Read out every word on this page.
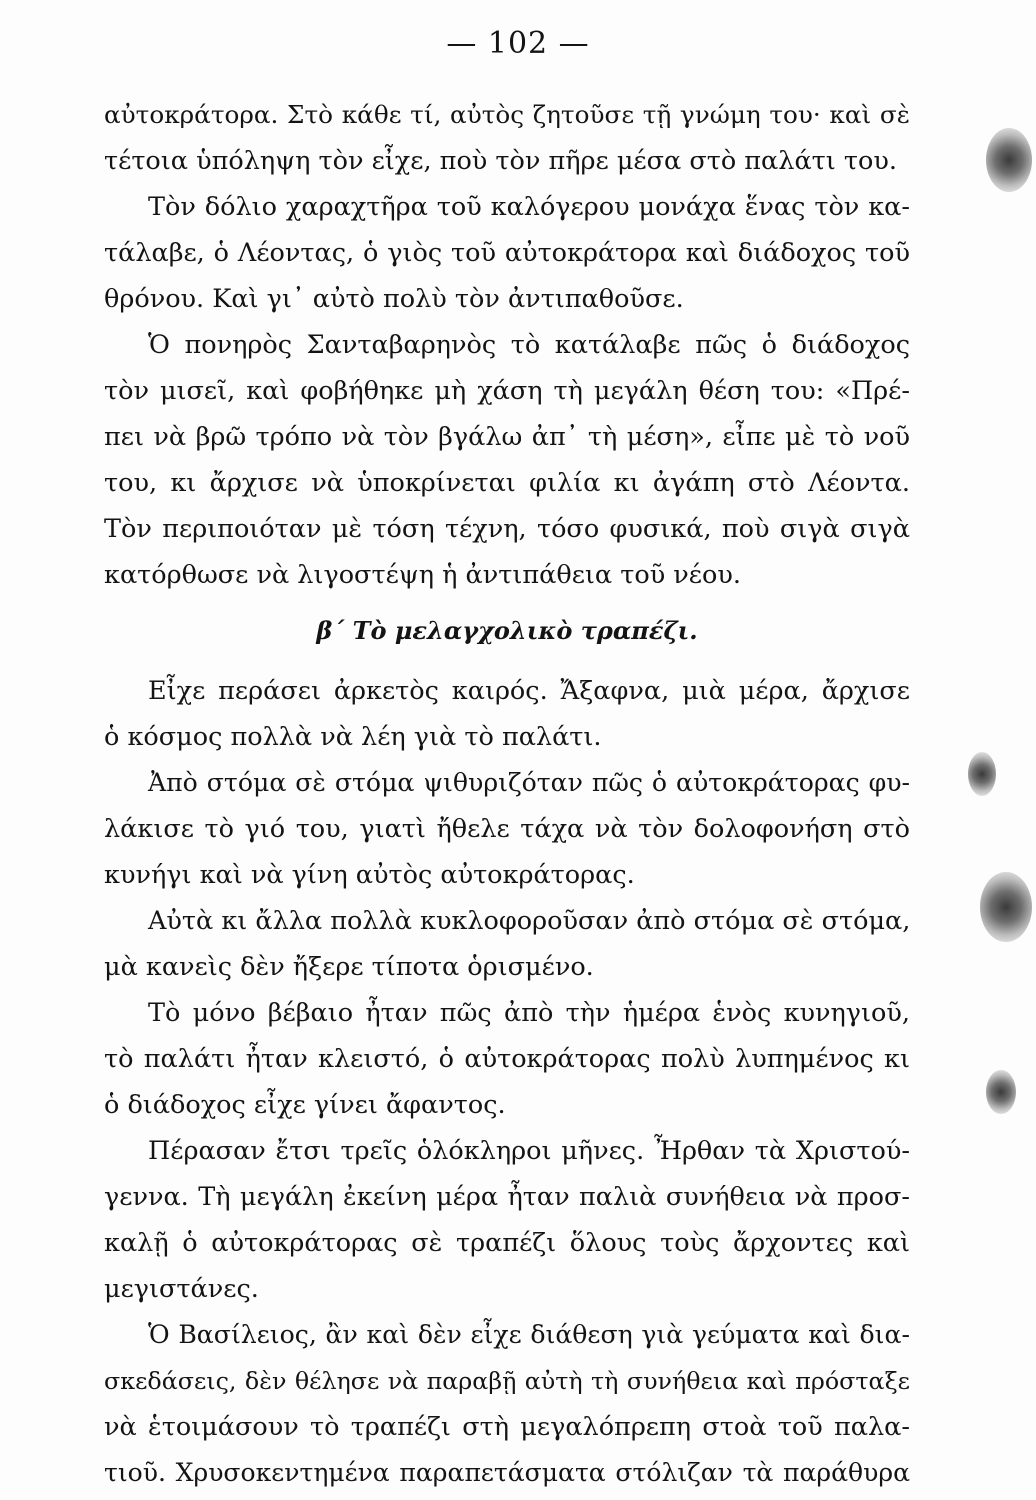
— 102 —
αὐτοκράτορα. Στὸ κάθε τί, αὐτὸς ζητοῦσε τῇ γνώμη του· καὶ σὲ
τέτοια ὑπόληψη τὸν εἶχε, ποὺ τὸν πῆρε μέσα στὸ παλάτι του.
Τὸν δόλιο χαραχτῆρα τοῦ καλόγερου μονάχα ἕνας τὸν κα-
τάλαβε, ὁ Λέοντας, ὁ γιὸς τοῦ αὐτοκράτορα καὶ διάδοχος τοῦ
θρόνου. Καὶ γι᾽ αὐτὸ πολὺ τὸν ἀντιπαθοῦσε.
Ὁ πονηρὸς Σανταβαρηνὸς τὸ κατάλαβε πῶς ὁ διάδοχος
τὸν μισεῖ, καὶ φοβήθηκε μὴ χάση τὴ μεγάλη θέση του: «Πρέ-
πει νὰ βρῶ τρόπο νὰ τὸν βγάλω ἀπ᾽ τὴ μέση», εἶπε μὲ τὸ νοῦ
του, κι ἄρχισε νὰ ὑποκρίνεται φιλία κι ἀγάπη στὸ Λέοντα.
Τὸν περιποιόταν μὲ τόση τέχνη, τόσο φυσικά, ποὺ σιγὰ σιγὰ
κατόρθωσε νὰ λιγοστέψη ἡ ἀντιπάθεια τοῦ νέου.
β΄ Τὸ μελαγχολικὸ τραπέζι.
Εἶχε περάσει ἀρκετὸς καιρός. Ἄξαφνα, μιὰ μέρα, ἄρχισε
ὁ κόσμος πολλὰ νὰ λέη γιὰ τὸ παλάτι.
Ἀπὸ στόμα σὲ στόμα ψιθυριζόταν πῶς ὁ αὐτοκράτορας φυ-
λάκισε τὸ γιό του, γιατὶ ἤθελε τάχα νὰ τὸν δολοφονήση στὸ
κυνήγι καὶ νὰ γίνη αὐτὸς αὐτοκράτορας.
Αὐτὰ κι ἄλλα πολλὰ κυκλοφοροῦσαν ἀπὸ στόμα σὲ στόμα,
μὰ κανεὶς δὲν ἤξερε τίποτα ὁρισμένο.
Τὸ μόνο βέβαιο ἦταν πῶς ἀπὸ τὴν ἡμέρα ἑνὸς κυνηγιοῦ,
τὸ παλάτι ἦταν κλειστό, ὁ αὐτοκράτορας πολὺ λυπημένος κι
ὁ διάδοχος εἶχε γίνει ἄφαντος.
Πέρασαν ἔτσι τρεῖς ὁλόκληροι μῆνες. Ἦρθαν τὰ Χριστού-
γεννα. Τὴ μεγάλη ἐκείνη μέρα ἦταν παλιὰ συνήθεια νὰ προσ-
καλῇ ὁ αὐτοκράτορας σὲ τραπέζι ὅλους τοὺς ἄρχοντες καὶ
μεγιστάνες.
Ὁ Βασίλειος, ἂν καὶ δὲν εἶχε διάθεση γιὰ γεύματα καὶ δια-
σκεδάσεις, δὲν θέλησε νὰ παραβῇ αὐτὴ τὴ συνήθεια καὶ πρόσταξε
νὰ ἑτοιμάσουν τὸ τραπέζι στὴ μεγαλόπρεπη στοὰ τοῦ παλα-
τιοῦ. Χρυσοκεντημένα παραπετάσματα στόλιζαν τὰ παράθυρα
